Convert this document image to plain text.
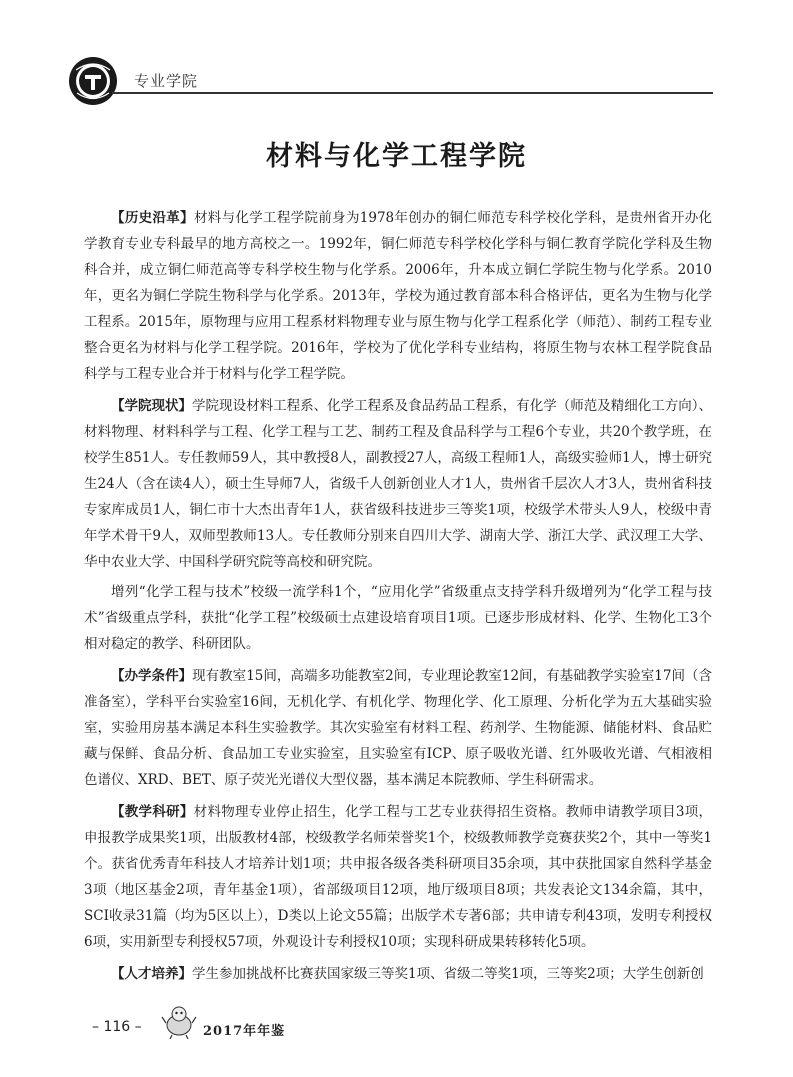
专业学院
材料与化学工程学院

【历史沿革】材料与化学工程学院前身为1978年创办的铜仁师范专科学校化学科，是贵州省开办化学教育专业专科最早的地方高校之一。1992年，铜仁师范专科学校化学科与铜仁教育学院化学科及生物科合并，成立铜仁师范高等专科学校生物与化学系。2006年，升本成立铜仁学院生物与化学系。2010年，更名为铜仁学院生物科学与化学系。2013年，学校为通过教育部本科合格评估，更名为生物与化学工程系。2015年，原物理与应用工程系材料物理专业与原生物与化学工程系化学（师范）、制药工程专业整合更名为材料与化学工程学院。2016年，学校为了优化学科专业结构，将原生物与农林工程学院食品科学与工程专业合并于材料与化学工程学院。

【学院现状】学院现设材料工程系、化学工程系及食品药品工程系，有化学（师范及精细化工方向）、材料物理、材料科学与工程、化学工程与工艺、制药工程及食品科学与工程6个专业，共20个教学班，在校学生851人。专任教师59人，其中教授8人，副教授27人，高级工程师1人，高级实验师1人，博士研究生24人（含在读4人），硕士生导师7人，省级千人创新创业人才1人，贵州省千层次人才3人，贵州省科技专家库成员1人，铜仁市十大杰出青年1人，获省级科技进步三等奖1项，校级学术带头人9人，校级中青年学术骨干9人，双师型教师13人。专任教师分别来自四川大学、湖南大学、浙江大学、武汉理工大学、华中农业大学、中国科学研究院等高校和研究院。

增列“化学工程与技术”校级一流学科1个，“应用化学”省级重点支持学科升级增列为“化学工程与技术”省级重点学科，获批“化学工程”校级硕士点建设培育项目1项。已逐步形成材料、化学、生物化工3个相对稳定的教学、科研团队。

【办学条件】现有教室15间，高端多功能教室2间，专业理论教室12间，有基础教学实验室17间（含准备室），学科平台实验室16间，无机化学、有机化学、物理化学、化工原理、分析化学为五大基础实验室，实验用房基本满足本科生实验教学。其次实验室有材料工程、药剂学、生物能源、储能材料、食品贮藏与保鲜、食品分析、食品加工专业实验室，且实验室有ICP、原子吸收光谱、红外吸收光谱、气相液相色谱仪、XRD、BET、原子荧光光谱仪大型仪器，基本满足本院教师、学生科研需求。

【教学科研】材料物理专业停止招生，化学工程与工艺专业获得招生资格。教师申请教学项目3项，申报教学成果奖1项，出版教材4部，校级教学名师荣誉奖1个，校级教师教学竞赛获奖2个，其中一等奖1个。获省优秀青年科技人才培养计划1项；共申报各级各类科研项目35余项，其中获批国家自然科学基金3项（地区基金2项，青年基金1项），省部级项目12项，地厅级项目8项；共发表论文134余篇，其中，SCI收录31篇（均为5区以上），D类以上论文55篇；出版学术专著6部；共申请专利43项，发明专利授权6项，实用新型专利授权57项，外观设计专利授权10项；实现科研成果转移转化5项。

【人才培养】学生参加挑战杯比赛获国家级三等奖1项、省级二等奖1项，三等奖2项；大学生创新创

– 116 –	2017年年鉴
